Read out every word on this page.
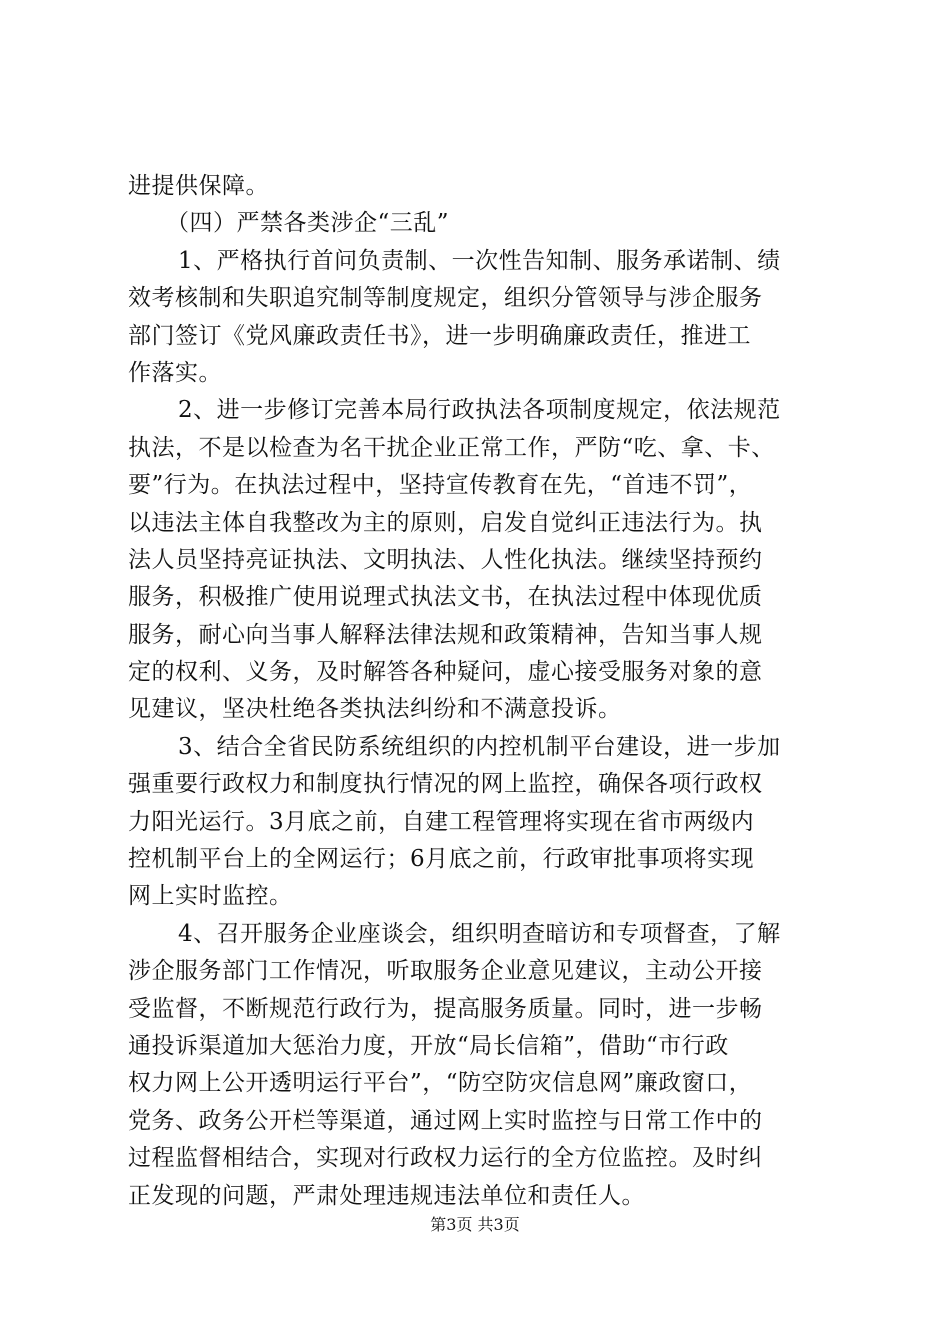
进提供保障。
（四）严禁各类涉企“三乱”
1、严格执行首问负责制、一次性告知制、服务承诺制、绩
效考核制和失职追究制等制度规定，组织分管领导与涉企服务
部门签订《党风廉政责任书》，进一步明确廉政责任，推进工
作落实。
2、进一步修订完善本局行政执法各项制度规定，依法规范
执法，不是以检查为名干扰企业正常工作，严防“吃、拿、卡、
要”行为。在执法过程中，坚持宣传教育在先，“首违不罚”，
以违法主体自我整改为主的原则，启发自觉纠正违法行为。执
法人员坚持亮证执法、文明执法、人性化执法。继续坚持预约
服务，积极推广使用说理式执法文书，在执法过程中体现优质
服务，耐心向当事人解释法律法规和政策精神，告知当事人规
定的权利、义务，及时解答各种疑问，虚心接受服务对象的意
见建议，坚决杜绝各类执法纠纷和不满意投诉。
3、结合全省民防系统组织的内控机制平台建设，进一步加
强重要行政权力和制度执行情况的网上监控，确保各项行政权
力阳光运行。3月底之前，自建工程管理将实现在省市两级内
控机制平台上的全网运行；6月底之前，行政审批事项将实现
网上实时监控。
4、召开服务企业座谈会，组织明查暗访和专项督查，了解
涉企服务部门工作情况，听取服务企业意见建议，主动公开接
受监督，不断规范行政行为，提高服务质量。同时，进一步畅
通投诉渠道加大惩治力度，开放“局长信箱”，借助“市行政
权力网上公开透明运行平台”，“防空防灾信息网”廉政窗口，
党务、政务公开栏等渠道，通过网上实时监控与日常工作中的
过程监督相结合，实现对行政权力运行的全方位监控。及时纠
正发现的问题，严肃处理违规违法单位和责任人。
第3页 共3页
